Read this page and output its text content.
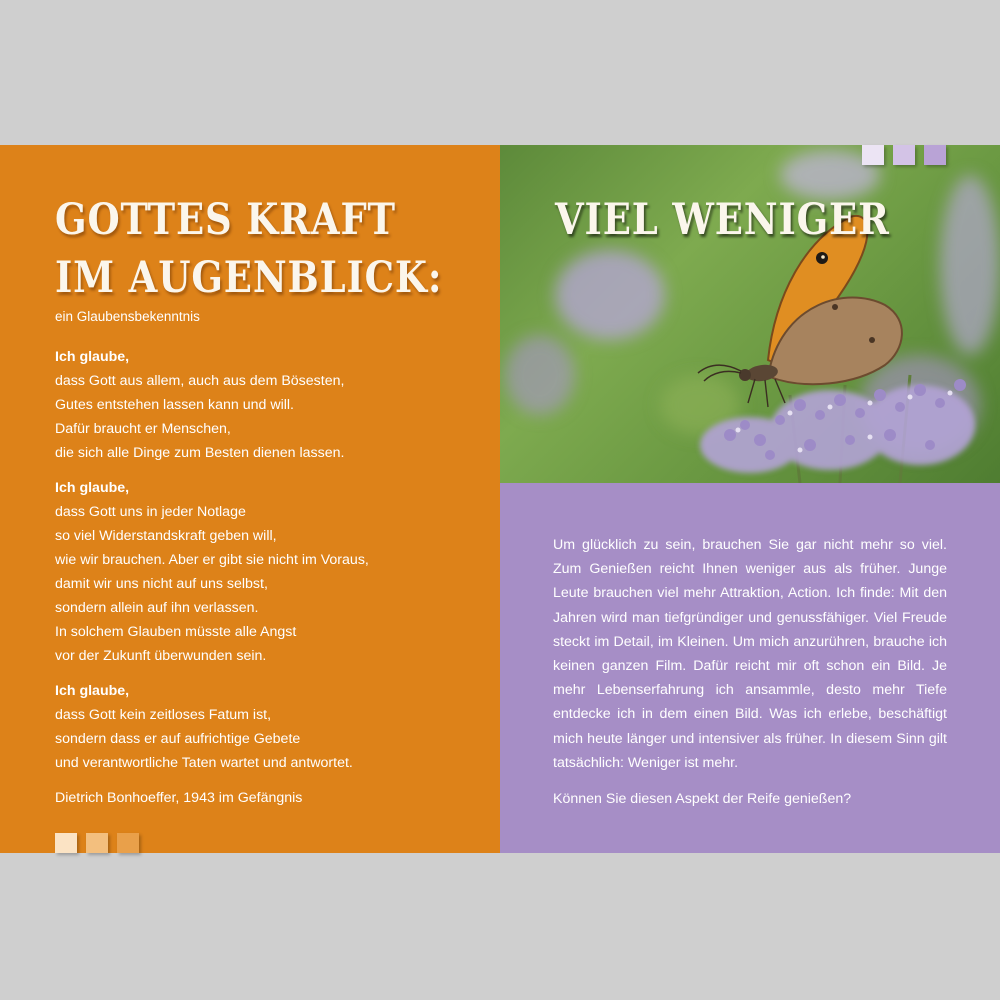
GOTTES KRAFT
IM AUGENBLICK:
ein Glaubensbekenntnis
Ich glaube,
dass Gott aus allem, auch aus dem Bösesten,
Gutes entstehen lassen kann und will.
Dafür braucht er Menschen,
die sich alle Dinge zum Besten dienen lassen.
Ich glaube,
dass Gott uns in jeder Notlage
so viel Widerstandskraft geben will,
wie wir brauchen. Aber er gibt sie nicht im Voraus,
damit wir uns nicht auf uns selbst,
sondern allein auf ihn verlassen.
In solchem Glauben müsste alle Angst
vor der Zukunft überwunden sein.
Ich glaube,
dass Gott kein zeitloses Fatum ist,
sondern dass er auf aufrichtige Gebete
und verantwortliche Taten wartet und antwortet.
Dietrich Bonhoeffer, 1943 im Gefängnis
VIEL WENIGER

Um glücklich zu sein, brauchen Sie gar nicht mehr so viel. Zum Genießen reicht Ihnen weniger aus als früher. Junge Leute brauchen viel mehr Attraktion, Action. Ich finde: Mit den Jahren wird man tiefgründiger und genussfähiger. Viel Freude steckt im Detail, im Kleinen. Um mich anzurühren, brauche ich keinen ganzen Film. Dafür reicht mir oft schon ein Bild. Je mehr Lebenserfahrung ich ansammle, desto mehr Tiefe entdecke ich in dem einen Bild. Was ich erlebe, beschäftigt mich heute länger und intensiver als früher. In diesem Sinn gilt tatsächlich: Weniger ist mehr.

Können Sie diesen Aspekt der Reife genießen?
